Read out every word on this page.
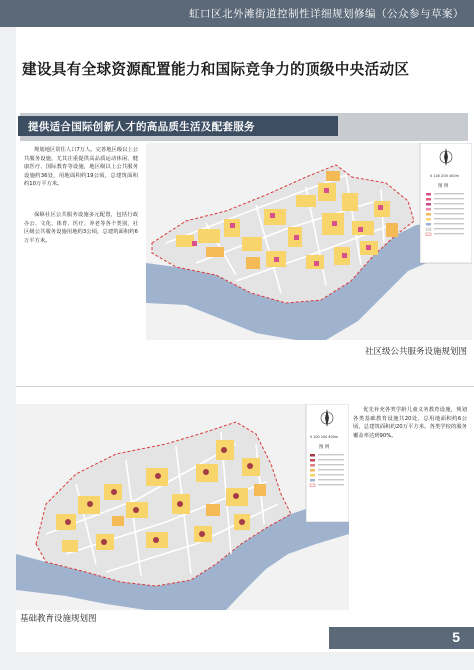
虹口区北外滩街道控制性详细规划修编（公众参与草案）
建设具有全球资源配置能力和国际竞争力的顶级中央活动区
提供适合国际创新人才的高品质生活及配套服务
规划地区常住人口7万人。完善地区级以上公共服务设施，尤其注重提供高品质运动休闲、健康医疗、国际教育等设施，地区级以上公共服务设施约36处，用地面积约19公顷，总建筑面积约10万平方米。
保障社区公共服务设施多元配置，包括行政办公、文化、体育、医疗、养老等各个类别，社区级公共服务设施用地约3公顷，总建筑面积约6万平方米。
0 100 200 400m
图 例
社区级公共服务设施规划图
0 100 200 400m
图 例
优先补充各类学龄儿童义务教育设施，规划各类基础教育设施共20处，总用地面积约6公顷，总建筑面积约20万平方米。各类学校的服务覆盖率达到90%。
基础教育设施规划图
5
